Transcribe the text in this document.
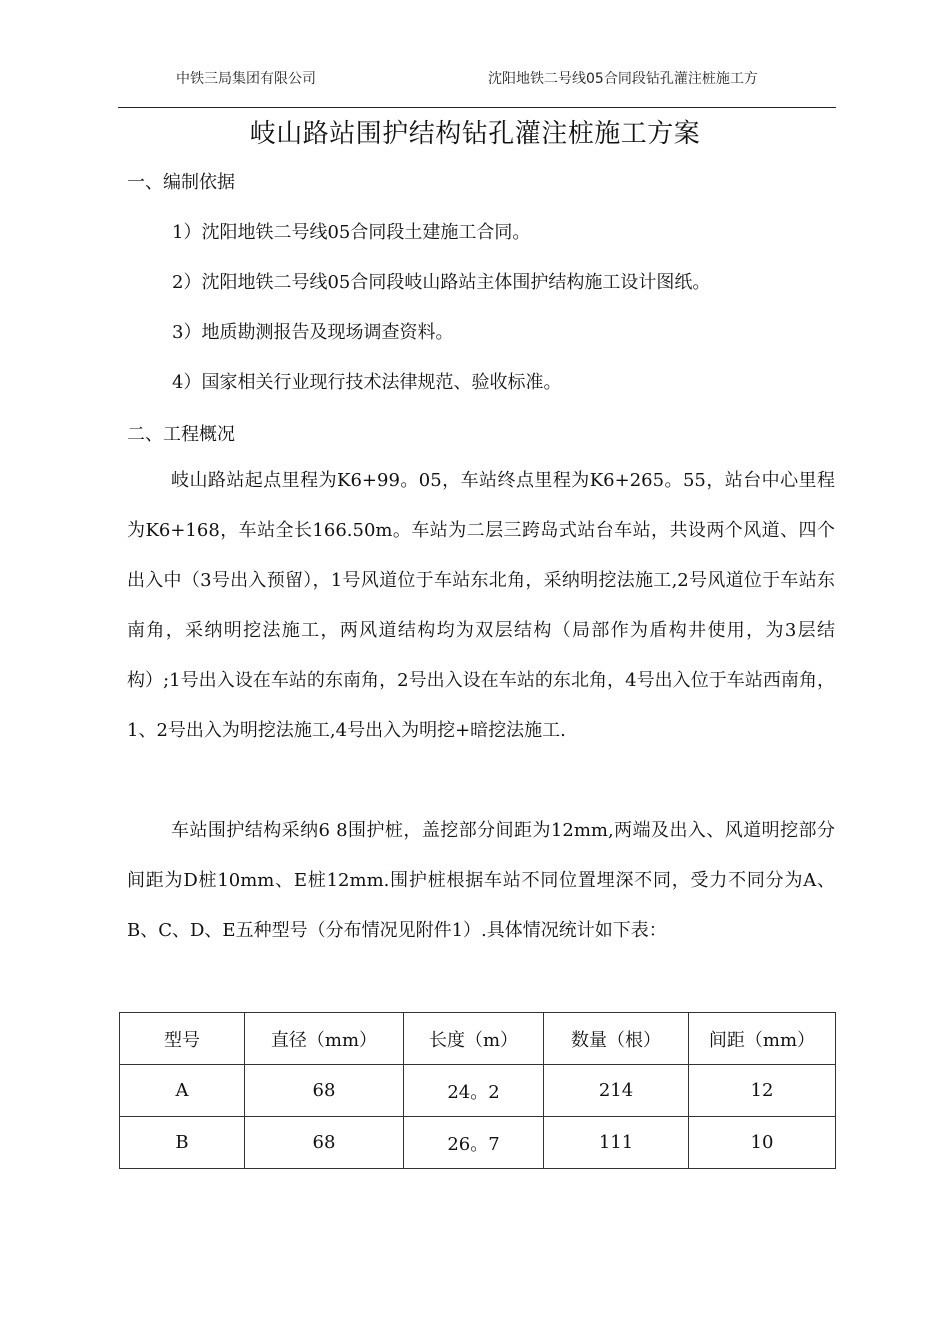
中铁三局集团有限公司	沈阳地铁二号线05合同段钻孔灌注桩施工方
岐山路站围护结构钻孔灌注桩施工方案
一、编制依据
1）沈阳地铁二号线05合同段土建施工合同。
2）沈阳地铁二号线05合同段岐山路站主体围护结构施工设计图纸。
3）地质勘测报告及现场调查资料。
4）国家相关行业现行技术法律规范、验收标准。
二、工程概况
岐山路站起点里程为K6+99。05，车站终点里程为K6+265。55，站台中心里程为K6+168，车站全长166.50m。车站为二层三跨岛式站台车站，共设两个风道、四个出入中（3号出入预留），1号风道位于车站东北角，采纳明挖法施工,2号风道位于车站东南角，采纳明挖法施工，两风道结构均为双层结构（局部作为盾构井使用，为3层结构）;1号出入设在车站的东南角，2号出入设在车站的东北角，4号出入位于车站西南角，1、2号出入为明挖法施工,4号出入为明挖+暗挖法施工.
车站围护结构采纳6 8围护桩，盖挖部分间距为12mm,两端及出入、风道明挖部分间距为D桩10mm、E桩12mm.围护桩根据车站不同位置埋深不同，受力不同分为A、B、C、D、E五种型号（分布情况见附件1）.具体情况统计如下表：
型号	直径（mm）	长度（m）	数量（根）	间距（mm）
A	68	24。2	214	12
B	68	26。7	111	10
